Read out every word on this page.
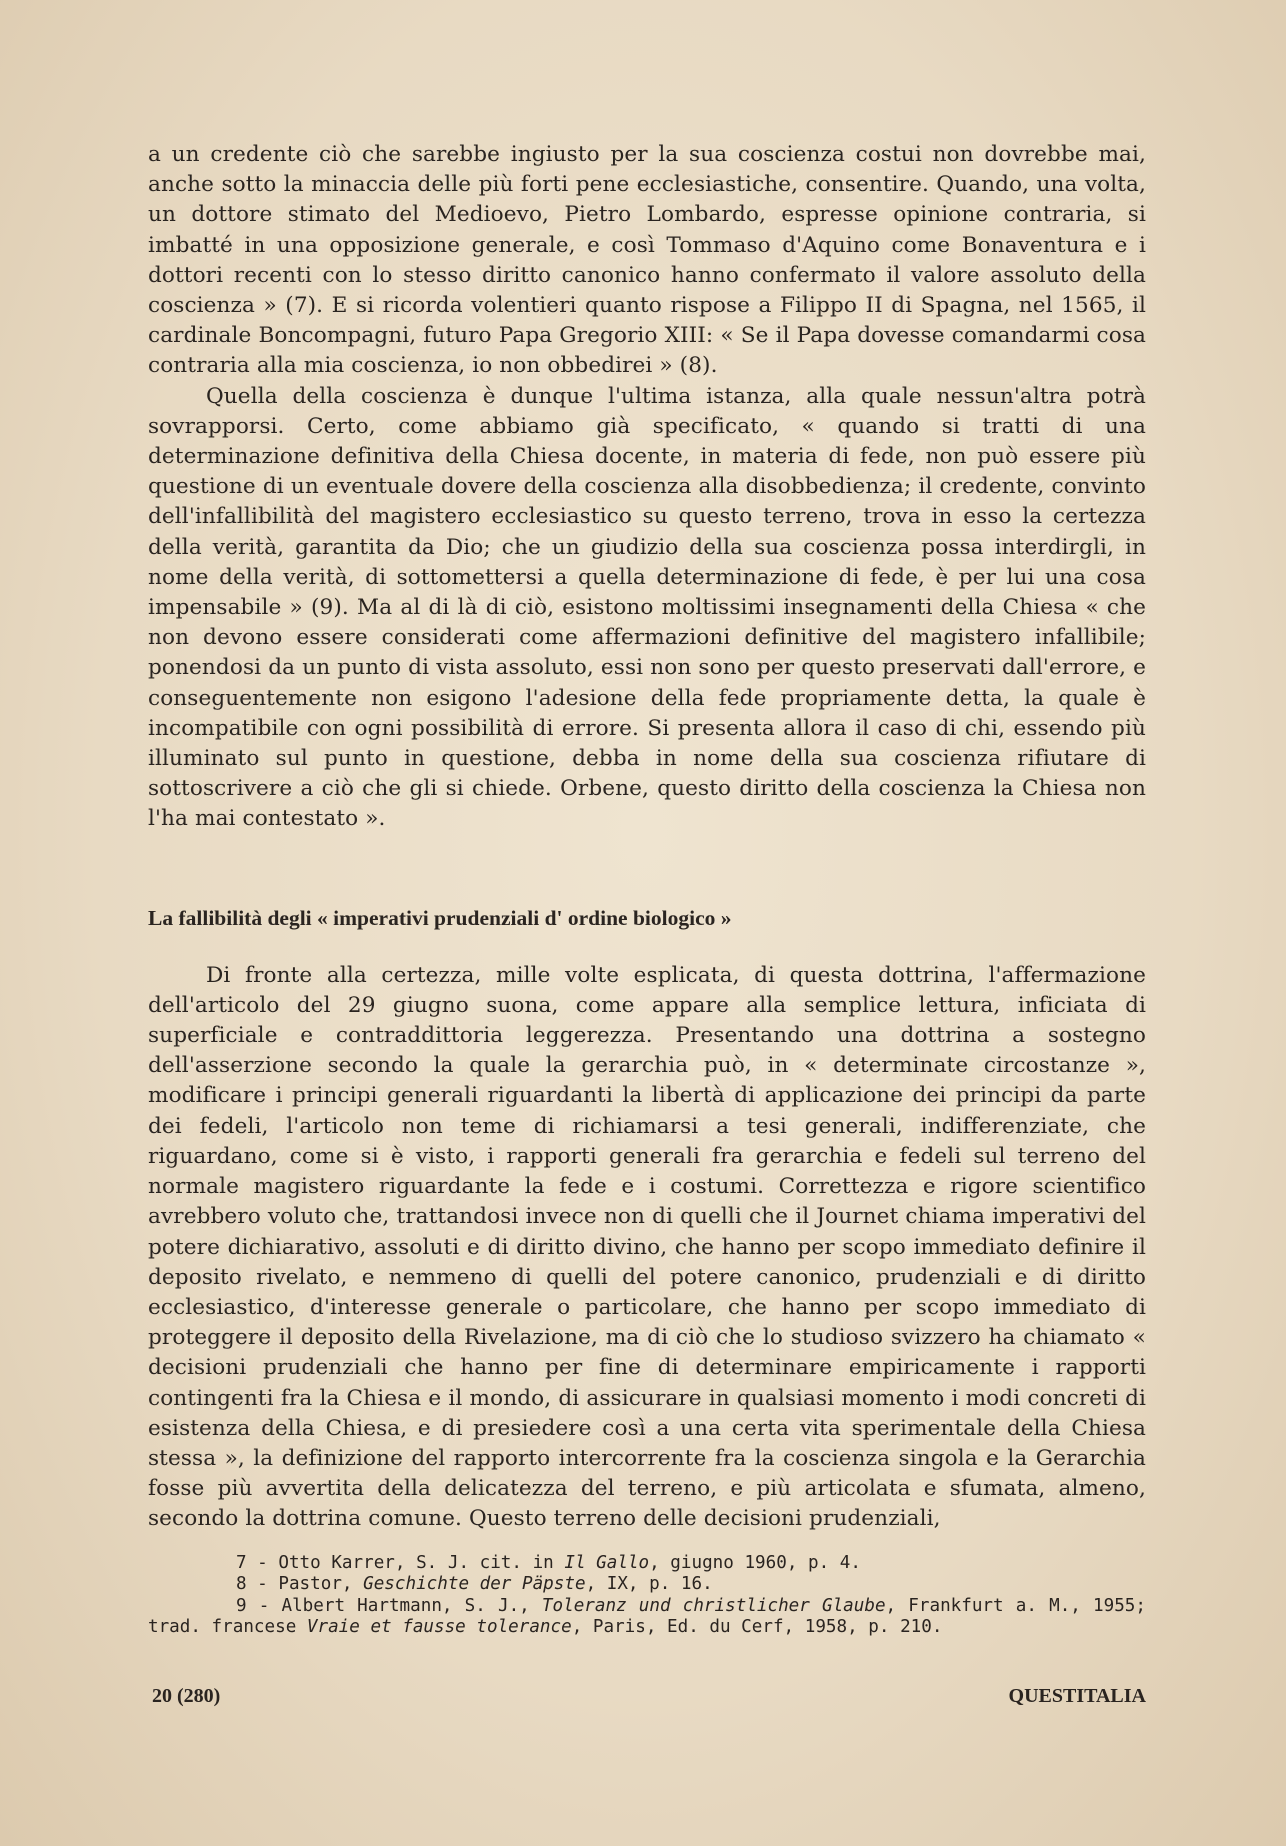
a un credente ciò che sarebbe ingiusto per la sua coscienza costui non dovrebbe mai, anche sotto la minaccia delle più forti pene ecclesiastiche, consentire. Quando, una volta, un dottore stimato del Medioevo, Pietro Lombardo, espresse opinione contraria, si imbatté in una opposizione generale, e così Tommaso d'Aquino come Bonaventura e i dottori recenti con lo stesso diritto canonico hanno confermato il valore assoluto della coscienza » (7). E si ricorda volentieri quanto rispose a Filippo II di Spagna, nel 1565, il cardinale Boncompagni, futuro Papa Gregorio XIII: « Se il Papa dovesse comandarmi cosa contraria alla mia coscienza, io non obbedirei » (8).

Quella della coscienza è dunque l'ultima istanza, alla quale nessun'altra potrà sovrapporsi. Certo, come abbiamo già specificato, « quando si tratti di una determinazione definitiva della Chiesa docente, in materia di fede, non può essere più questione di un eventuale dovere della coscienza alla disobbedienza; il credente, convinto dell'infallibilità del magistero ecclesiastico su questo terreno, trova in esso la certezza della verità, garantita da Dio; che un giudizio della sua coscienza possa interdirgli, in nome della verità, di sottomettersi a quella determinazione di fede, è per lui una cosa impensabile » (9). Ma al di là di ciò, esistono moltissimi insegnamenti della Chiesa « che non devono essere considerati come affermazioni definitive del magistero infallibile; ponendosi da un punto di vista assoluto, essi non sono per questo preservati dall'errore, e conseguentemente non esigono l'adesione della fede propriamente detta, la quale è incompatibile con ogni possibilità di errore. Si presenta allora il caso di chi, essendo più illuminato sul punto in questione, debba in nome della sua coscienza rifiutare di sottoscrivere a ciò che gli si chiede. Orbene, questo diritto della coscienza la Chiesa non l'ha mai contestato ».

La fallibilità degli « imperativi prudenziali d' ordine biologico »

Di fronte alla certezza, mille volte esplicata, di questa dottrina, l'affermazione dell'articolo del 29 giugno suona, come appare alla semplice lettura, inficiata di superficiale e contraddittoria leggerezza. Presentando una dottrina a sostegno dell'asserzione secondo la quale la gerarchia può, in « determinate circostanze », modificare i principi generali riguardanti la libertà di applicazione dei principi da parte dei fedeli, l'articolo non teme di richiamarsi a tesi generali, indifferenziate, che riguardano, come si è visto, i rapporti generali fra gerarchia e fedeli sul terreno del normale magistero riguardante la fede e i costumi. Correttezza e rigore scientifico avrebbero voluto che, trattandosi invece non di quelli che il Journet chiama imperativi del potere dichiarativo, assoluti e di diritto divino, che hanno per scopo immediato definire il deposito rivelato, e nemmeno di quelli del potere canonico, prudenziali e di diritto ecclesiastico, d'interesse generale o particolare, che hanno per scopo immediato di proteggere il deposito della Rivelazione, ma di ciò che lo studioso svizzero ha chiamato « decisioni prudenziali che hanno per fine di determinare empiricamente i rapporti contingenti fra la Chiesa e il mondo, di assicurare in qualsiasi momento i modi concreti di esistenza della Chiesa, e di presiedere così a una certa vita sperimentale della Chiesa stessa », la definizione del rapporto intercorrente fra la coscienza singola e la Gerarchia fosse più avvertita della delicatezza del terreno, e più articolata e sfumata, almeno, secondo la dottrina comune. Questo terreno delle decisioni prudenziali,

7 - Otto Karrer, S. J. cit. in Il Gallo, giugno 1960, p. 4.

8 - Pastor, Geschichte der Päpste, IX, p. 16.

9 - Albert Hartmann, S. J., Toleranz und christlicher Glaube, Frankfurt a. M., 1955; trad. francese Vraie et fausse tolerance, Paris, Ed. du Cerf, 1958, p. 210.

20 (280)	QUESTITALIA
